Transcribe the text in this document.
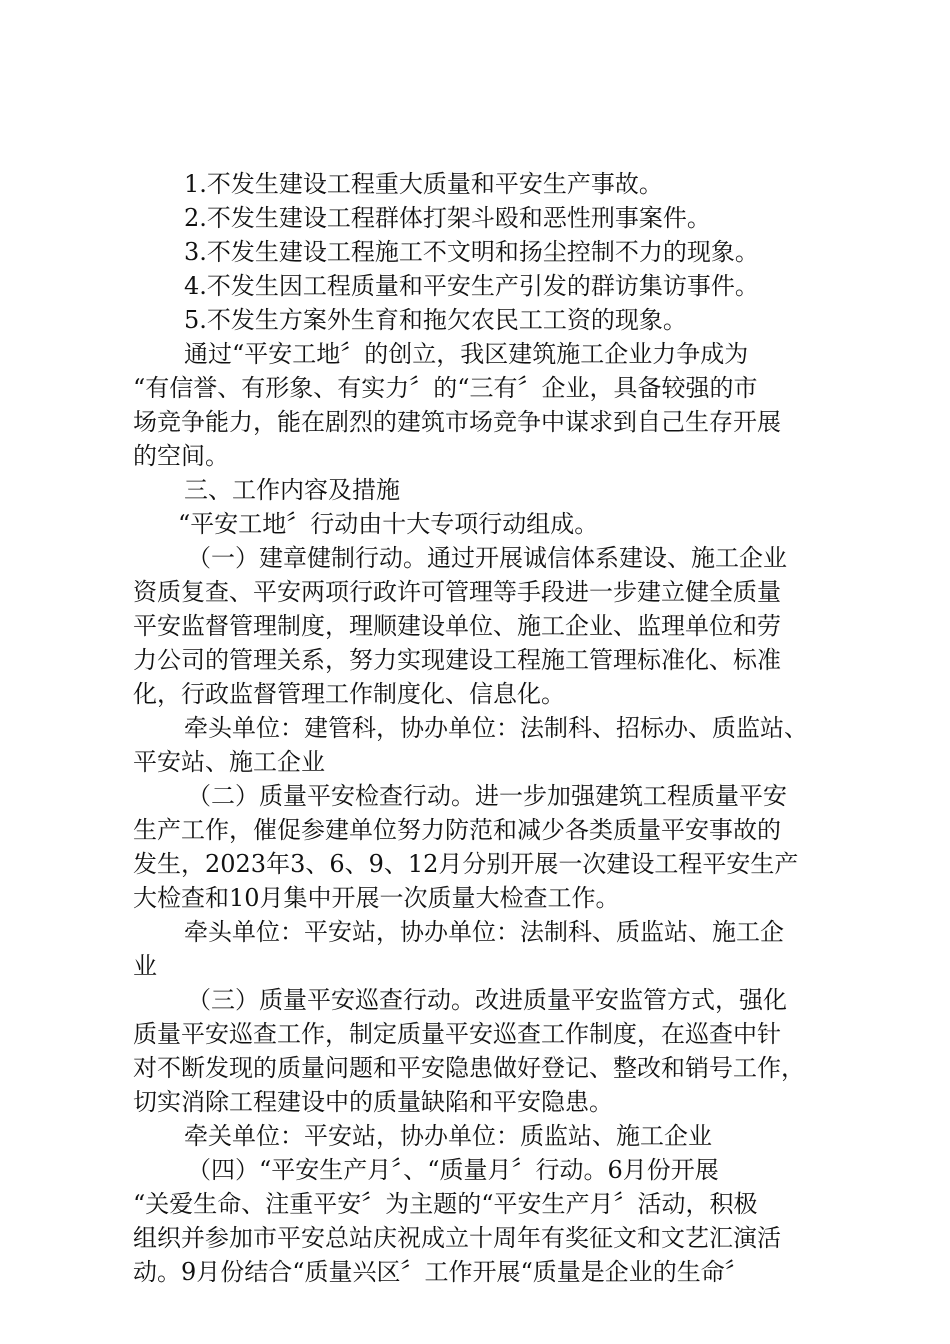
1.不发生建设工程重大质量和平安生产事故。
2.不发生建设工程群体打架斗殴和恶性刑事案件。
3.不发生建设工程施工不文明和扬尘控制不力的现象。
4.不发生因工程质量和平安生产引发的群访集访事件。
5.不发生方案外生育和拖欠农民工工资的现象。
通过“平安工地〞的创立，我区建筑施工企业力争成为
“有信誉、有形象、有实力〞的“三有〞企业，具备较强的市
场竞争能力，能在剧烈的建筑市场竞争中谋求到自己生存开展
的空间。
三、工作内容及措施
“平安工地〞行动由十大专项行动组成。
（一）建章健制行动。通过开展诚信体系建设、施工企业
资质复查、平安两项行政许可管理等手段进一步建立健全质量
平安监督管理制度，理顺建设单位、施工企业、监理单位和劳
力公司的管理关系，努力实现建设工程施工管理标准化、标准
化，行政监督管理工作制度化、信息化。
牵头单位：建管科，协办单位：法制科、招标办、质监站、
平安站、施工企业
（二）质量平安检查行动。进一步加强建筑工程质量平安
生产工作，催促参建单位努力防范和减少各类质量平安事故的
发生，2023年3、6、9、12月分别开展一次建设工程平安生产
大检查和10月集中开展一次质量大检查工作。
牵头单位：平安站，协办单位：法制科、质监站、施工企
业
（三）质量平安巡查行动。改进质量平安监管方式，强化
质量平安巡查工作，制定质量平安巡查工作制度，在巡查中针
对不断发现的质量问题和平安隐患做好登记、整改和销号工作，
切实消除工程建设中的质量缺陷和平安隐患。
牵关单位：平安站，协办单位：质监站、施工企业
（四）“平安生产月〞、“质量月〞行动。6月份开展
“关爱生命、注重平安〞为主题的“平安生产月〞活动，积极
组织并参加市平安总站庆祝成立十周年有奖征文和文艺汇演活
动。9月份结合“质量兴区〞工作开展“质量是企业的生命〞
